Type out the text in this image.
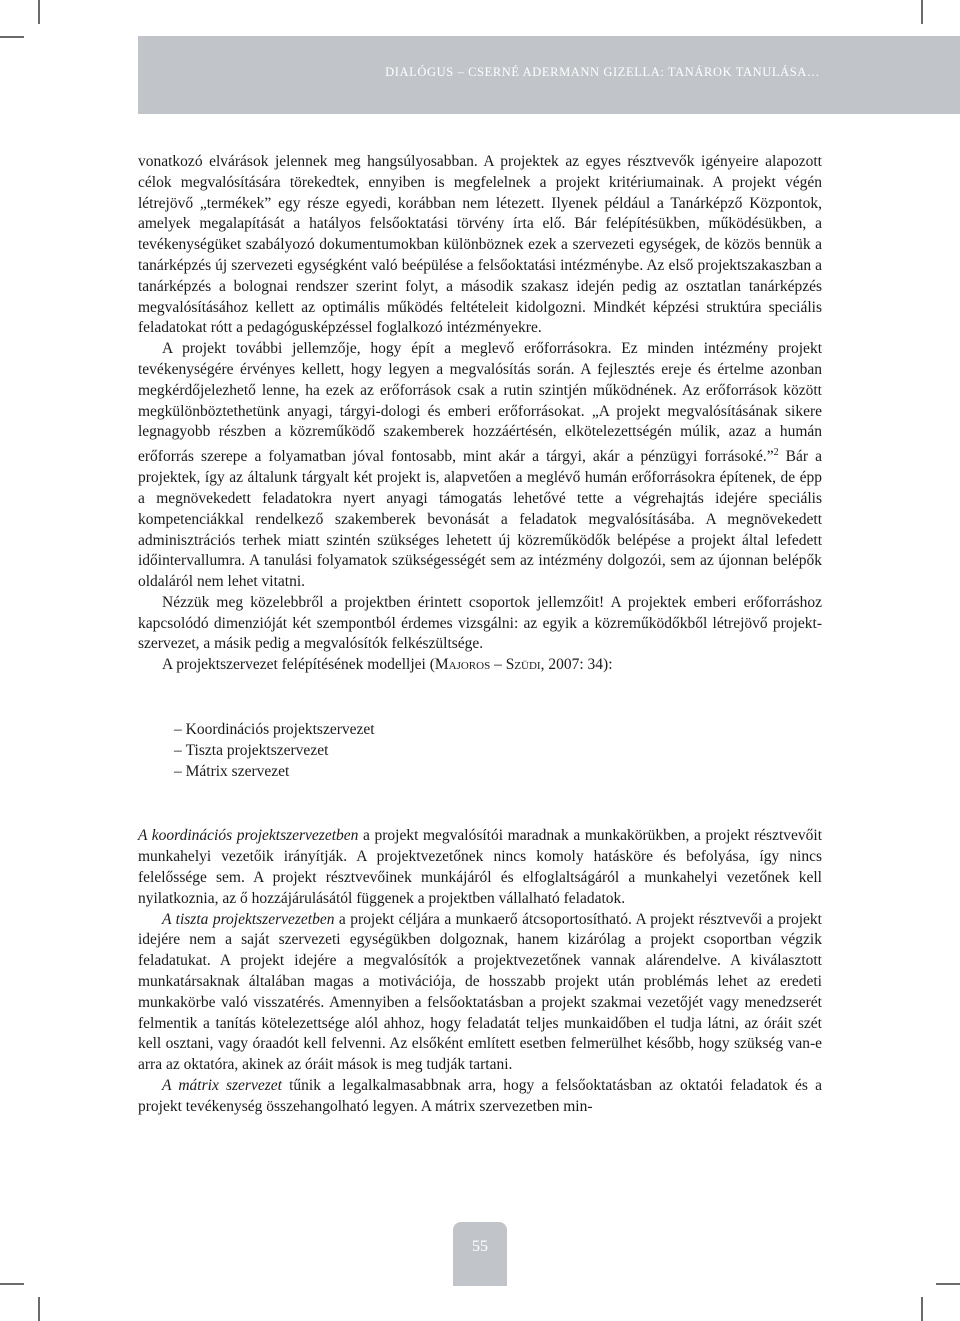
DIALÓGUS – CSERNÉ ADERMANN GIZELLA: TANÁROK TANULÁSA…

vonatkozó elvárások jelennek meg hangsúlyosabban. A projektek az egyes résztvevők igényeire alapozott célok megvalósítására törekedtek, ennyiben is megfelelnek a projekt kritériumainak. A projekt végén létrejövő „termékek” egy része egyedi, korábban nem létezett. Ilyenek például a Tanárképző Központok, amelyek megalapítását a hatályos felsőoktatási törvény írta elő. Bár felépítésükben, működésükben, a tevékenységüket szabályozó dokumentumokban különböznek ezek a szervezeti egységek, de közös bennük a tanárképzés új szervezeti egységként való beépülése a felsőoktatási intézménybe. Az első projektszakaszban a tanárképzés a bolognai rendszer szerint folyt, a második szakasz idején pedig az osztatlan tanárképzés megvalósításához kellett az optimális működés feltételeit kidolgozni. Mindkét képzési struktúra speciális feladatokat rótt a pedagógusképzéssel foglalkozó intézményekre.

A projekt további jellemzője, hogy épít a meglevő erőforrásokra. Ez minden intézmény projekt tevékenységére érvényes kellett, hogy legyen a megvalósítás során. A fejlesztés ereje és értelme azonban megkérdőjelezhető lenne, ha ezek az erőforrások csak a rutin szintjén működnének. Az erőforrások között megkülönböztethetünk anyagi, tárgyi-dologi és emberi erőforrásokat. „A projekt megvalósításának sikere legnagyobb részben a közreműködő szakemberek hozzáértésén, elkötelezettségén múlik, azaz a humán erőforrás szerepe a folyamatban jóval fontosabb, mint akár a tárgyi, akár a pénzügyi forrásoké.”$^2$ Bár a projektek, így az általunk tárgyalt két projekt is, alapvetően a meglévő humán erőforrásokra építenek, de épp a megnövekedett feladatokra nyert anyagi támogatás lehetővé tette a végrehajtás idejére speciális kompetenciákkal rendelkező szakemberek bevonását a feladatok megvalósításába. A megnövekedett adminisztrációs terhek miatt szintén szükséges lehetett új közreműködők belépése a projekt által lefedett időintervallumra. A tanulási folyamatok szükségességét sem az intézmény dolgozói, sem az újonnan belépők oldaláról nem lehet vitatni.

Nézzük meg közelebbről a projektben érintett csoportok jellemzőit! A projektek emberi erőforráshoz kapcsolódó dimenzióját két szempontból érdemes vizsgálni: az egyik a közreműködőkből létrejövő projekt-szervezet, a másik pedig a megvalósítók felkészültsége.

A projektszervezet felépítésének modelljei (Majoros – Szüdi, 2007: 34):

– Koordinációs projektszervezet
– Tiszta projektszervezet
– Mátrix szervezet

A koordinációs projektszervezetben a projekt megvalósítói maradnak a munkakörükben, a projekt résztvevőit munkahelyi vezetőik irányítják. A projektvezetőnek nincs komoly hatásköre és befolyása, így nincs felelőssége sem. A projekt résztvevőinek munkájáról és elfoglaltságáról a munkahelyi vezetőnek kell nyilatkoznia, az ő hozzájárulásától függenek a projektben vállalható feladatok.

A tiszta projektszervezetben a projekt céljára a munkaerő átcsoportosítható. A projekt résztvevői a projekt idejére nem a saját szervezeti egységükben dolgoznak, hanem kizárólag a projekt csoportban végzik feladatukat. A projekt idejére a megvalósítók a projektvezetőnek vannak alárendelve. A kiválasztott munkatársaknak általában magas a motivációja, de hosszabb projekt után problémás lehet az eredeti munkakörbe való visszatérés. Amennyiben a felsőoktatásban a projekt szakmai vezetőjét vagy menedzserét felmentik a tanítás kötelezettsége alól ahhoz, hogy feladatát teljes munkaidőben el tudja látni, az óráit szét kell osztani, vagy óraadót kell felvenni. Az elsőként említett esetben felmerülhet később, hogy szükség van-e arra az oktatóra, akinek az óráit mások is meg tudják tartani.

A mátrix szervezet tűnik a legalkalmasabbnak arra, hogy a felsőoktatásban az oktatói feladatok és a projekt tevékenység összehangolható legyen. A mátrix szervezetben min-

55
